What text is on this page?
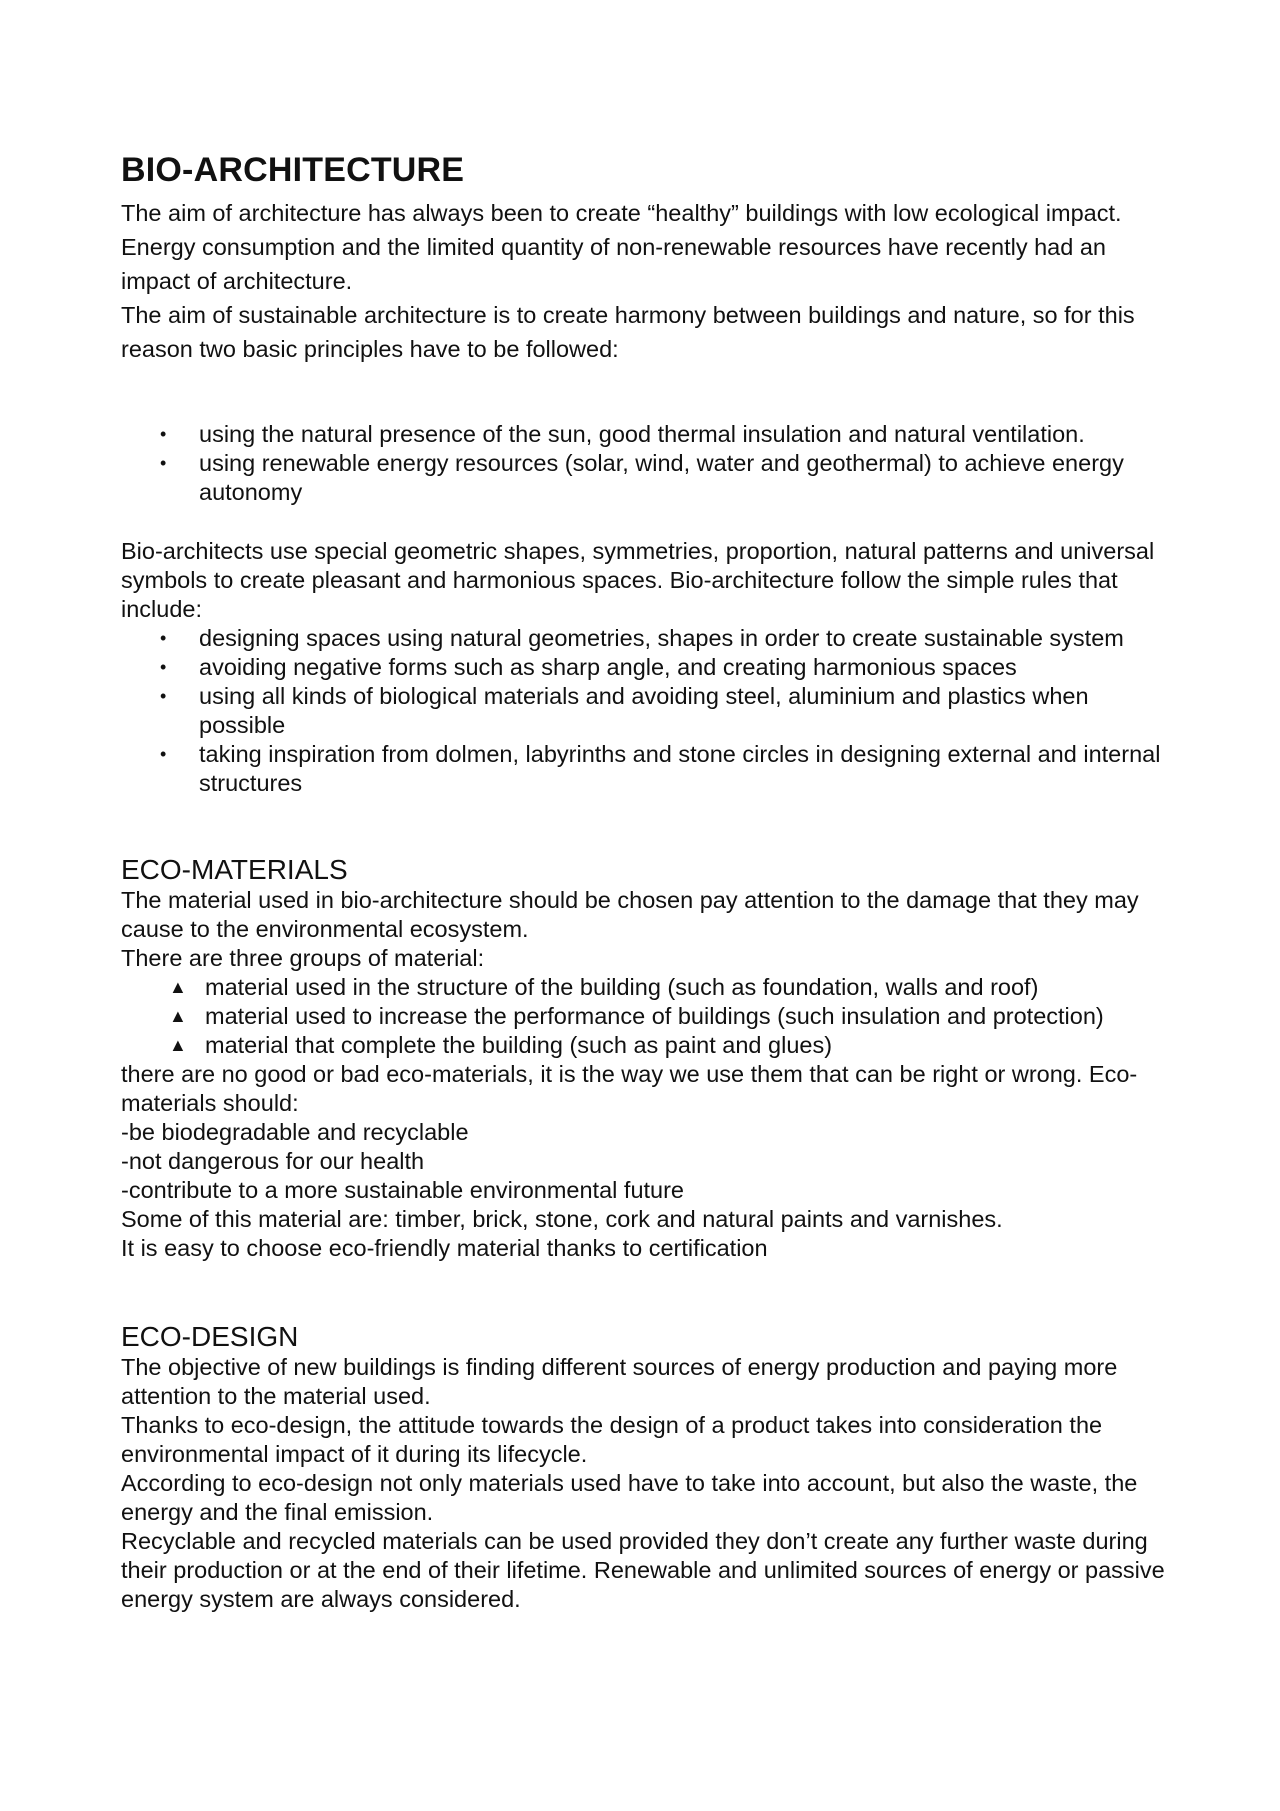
BIO-ARCHITECTURE

The aim of architecture has always been to create “healthy” buildings with low ecological impact.

Energy consumption and the limited quantity of non-renewable resources have recently had an impact of architecture.

The aim of sustainable architecture is to create harmony between buildings and nature, so for this reason two basic principles have to be followed:

• using the natural presence of the sun, good thermal insulation and natural ventilation.
• using renewable energy resources (solar, wind, water and geothermal) to achieve energy autonomy

Bio-architects use special geometric shapes, symmetries, proportion, natural patterns and universal symbols to create pleasant and harmonious spaces. Bio-architecture follow the simple rules that include:

• designing spaces using natural geometries, shapes in order to create sustainable system
• avoiding negative forms such as sharp angle, and creating harmonious spaces
• using all kinds of biological materials and avoiding steel, aluminium and plastics when possible
• taking inspiration from dolmen, labyrinths and stone circles in designing external and internal structures
ECO-MATERIALS

The material used in bio-architecture should be chosen pay attention to the damage that they may cause to the environmental ecosystem.

There are three groups of material:

▲ material used in the structure of the building (such as foundation, walls and roof)
▲ material used to increase the performance of buildings (such insulation and protection)
▲ material that complete the building (such as paint and glues)

there are no good or bad eco-materials, it is the way we use them that can be right or wrong. Eco-materials should:

-be biodegradable and recyclable

-not dangerous for our health

-contribute to a more sustainable environmental future

Some of this material are: timber, brick, stone, cork and natural paints and varnishes.

It is easy to choose eco-friendly material thanks to certification

ECO-DESIGN

The objective of new buildings is finding different sources of energy production and paying more attention to the material used.

Thanks to eco-design, the attitude towards the design of a product takes into consideration the environmental impact of it during its lifecycle.

According to eco-design not only materials used have to take into account, but also the waste, the energy and the final emission.

Recyclable and recycled materials can be used provided they don’t create any further waste during their production or at the end of their lifetime. Renewable and unlimited sources of energy or passive energy system are always considered.
